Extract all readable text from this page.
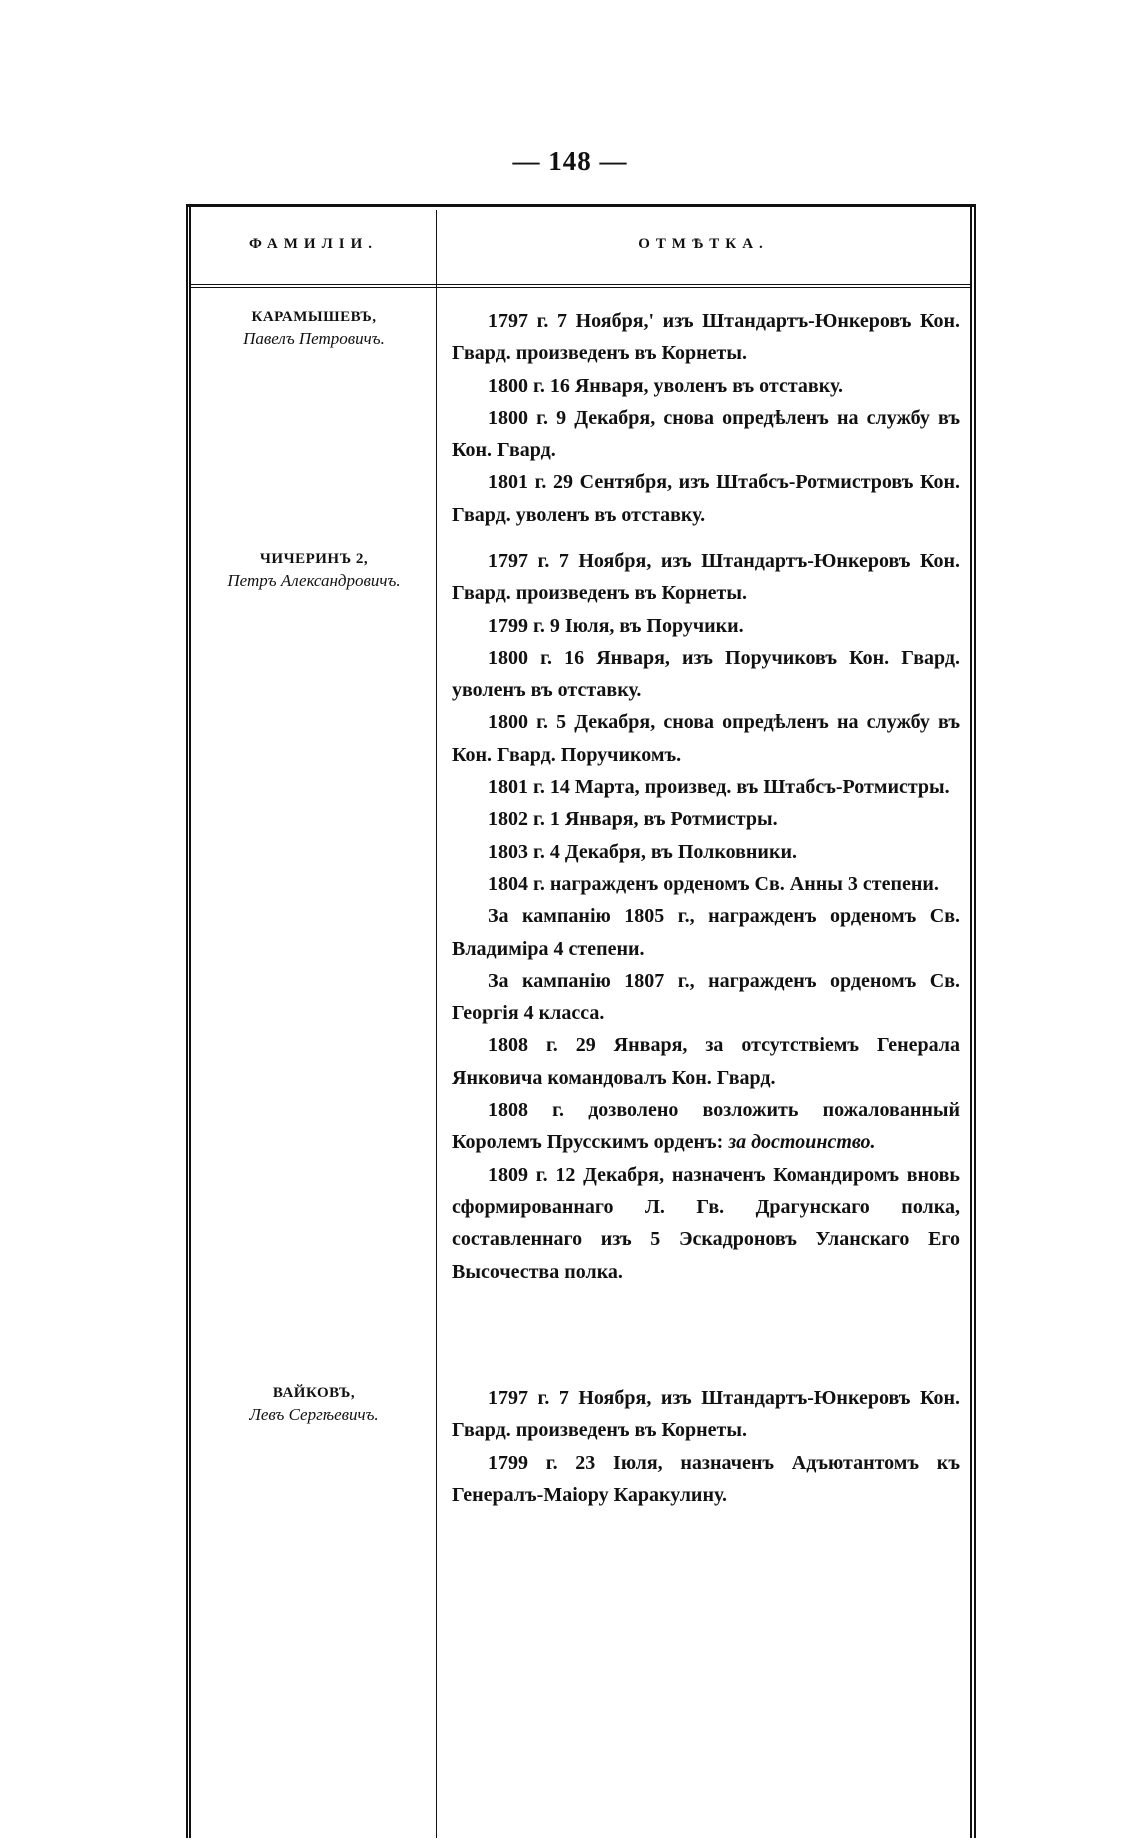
— 148 —
ФАМИЛІИ.	ОТМѢТКА.
КАРАМЫШЕВЪ,
Павелъ Петровичъ.

1797 г. 7 Ноября,' изъ Штандартъ-Юнкеровъ Кон. Гвард. произведенъ въ Корнеты.

1800 г. 16 Января, уволенъ въ отставку.

1800 г. 9 Декабря, снова опредѣленъ на службу въ Кон. Гвард.

1801 г. 29 Сентября, изъ Штабсъ-Ротмистровъ Кон. Гвард. уволенъ въ отставку.

ЧИЧЕРИНЪ 2,
Петръ Александровичъ.

1797 г. 7 Ноября, изъ Штандартъ-Юнкеровъ Кон. Гвард. произведенъ въ Корнеты.

1799 г. 9 Іюля, въ Поручики.

1800 г. 16 Января, изъ Поручиковъ Кон. Гвард. уволенъ въ отставку.

1800 г. 5 Декабря, снова опредѣленъ на службу въ Кон. Гвард. Поручикомъ.

1801 г. 14 Марта, произвед. въ Штабсъ-Ротмистры.

1802 г. 1 Января, въ Ротмистры.

1803 г. 4 Декабря, въ Полковники.

1804 г. награжденъ орденомъ Св. Анны 3 степени.

За кампанію 1805 г., награжденъ орденомъ Св. Владиміра 4 степени.

За кампанію 1807 г., награжденъ орденомъ Св. Георгія 4 класса.

1808 г. 29 Января, за отсутствіемъ Генерала Янковича командовалъ Кон. Гвард.

1808 г. дозволено возложить пожалованный Королемъ Прусскимъ орденъ: за достоинство.

1809 г. 12 Декабря, назначенъ Командиромъ вновь сформированнаго Л. Гв. Драгунскаго полка, составленнаго изъ 5 Эскадроновъ Уланскаго Его Высочества полка.

ВАЙКОВЪ,
Левъ Сергѣевичъ.

1797 г. 7 Ноября, изъ Штандартъ-Юнкеровъ Кон. Гвард. произведенъ въ Корнеты.

1799 г. 23 Іюля, назначенъ Адъютантомъ къ Генералъ-Маіору Каракулину.
